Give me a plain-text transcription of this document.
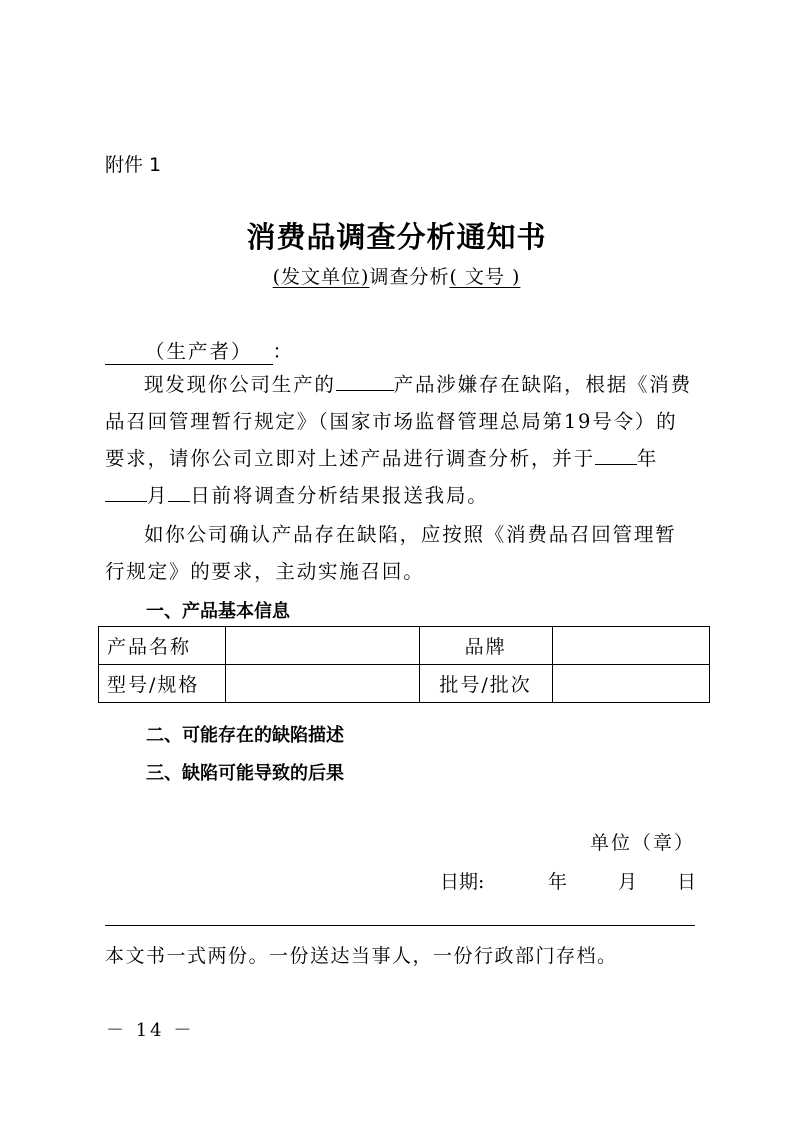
附件 1
消费品调查分析通知书
(发文单位)调查分析( 文号 )
（生产者） ：
现发现你公司生产的	产品涉嫌存在缺陷，根据《消费品召回管理暂行规定》（国家市场监督管理总局第19号令）的要求，请你公司立即对上述产品进行调查分析，并于 年月 日前将调查分析结果报送我局。
如你公司确认产品存在缺陷，应按照《消费品召回管理暂行规定》的要求，主动实施召回。
一、产品基本信息
产品名称		品牌	
型号/规格		批号/批次	
二、可能存在的缺陷描述
三、缺陷可能导致的后果
单位（章）
日期:	年	月 日
本文书一式两份。一份送达当事人，一份行政部门存档。
－ 14 －
